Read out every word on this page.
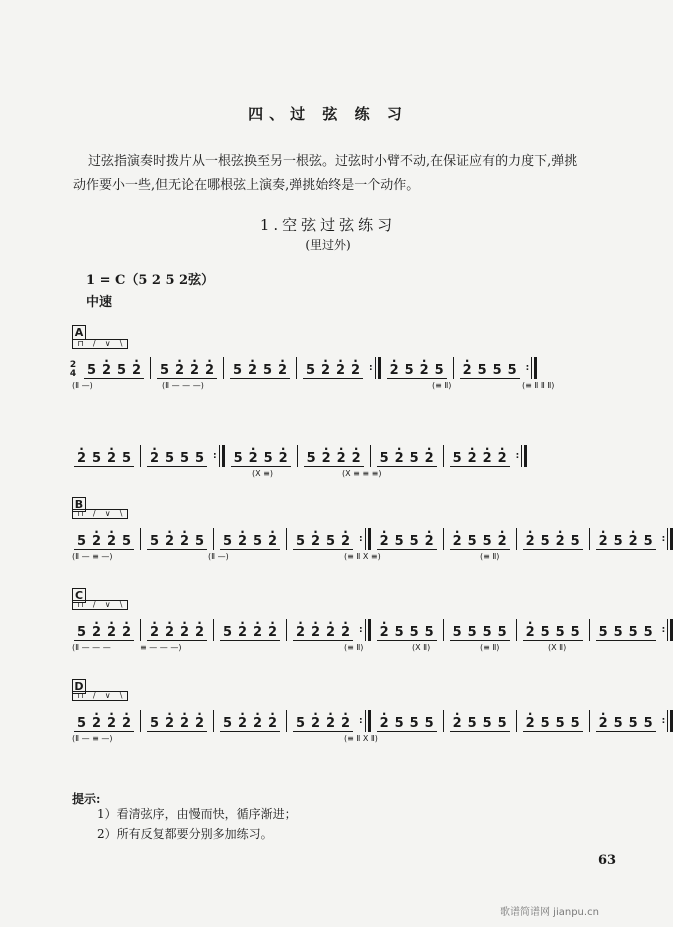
四、过 弦 练 习

过弦指演奏时拨片从一根弦换至另一根弦。过弦时小臂不动,在保证应有的力度下,弹挑

动作要小一些,但无论在哪根弦上演奏,弹挑始终是一个动作。

1.空弦过弦练习
(里过外)
1 = C（5 2 5 2弦）
中速
A
⊓ / ∨ \
2
4 5 · 2 5 · 2 5 · 2 · 2 · 2 5 · 2 5 · 2 5 · 2 · 2 · 2 : · 2 5 · 2 5 · 2 5 5 5 :

(Ⅱ —)	(Ⅱ — — —)	(≡ Ⅱ)	(≡ Ⅱ Ⅱ Ⅱ)
· 2 5 · 2 5 · 2 5 5 5 : 5 · 2 5 · 2 5 · 2 · 2 · 2 5 · 2 5 · 2 5 · 2 · 2 · 2 :

(X ≡)	(X ≡ ≡ ≡)
B
⊓ / ∨ \
5 · 2 · 2 5 5 · 2 · 2 5 5 · 2 5 · 2 5 · 2 5 · 2 : · 2 5 5 · 2 · 2 5 5 · 2 · 2 5 · 2 5 · 2 5 · 2 5 :

(Ⅱ — ≡ —)	(Ⅱ —)	(≡ Ⅱ X ≡)	(≡ Ⅱ)
C
⊓ / ∨ \
5 · 2 · 2 · 2 · 2 · 2 · 2 · 2 5 · 2 · 2 · 2 · 2 · 2 · 2 · 2 : · 2 5 5 5 5 5 5 5 · 2 5 5 5 5 5 5 5 :

(Ⅱ — — —	≡ — — —)	(≡ Ⅱ)	(X Ⅱ)	(≡ Ⅱ)	(X Ⅱ)
D
⊓ / ∨ \
5 · 2 · 2 · 2 5 · 2 · 2 · 2 5 · 2 · 2 · 2 5 · 2 · 2 · 2 : · 2 5 5 5 · 2 5 5 5 · 2 5 5 5 · 2 5 5 5 :

(Ⅱ — ≡ —)	(≡ Ⅱ X Ⅱ)
提示:
1）看清弦序，由慢而快，循序渐进；
2）所有反复都要分别多加练习。
63
歌谱简谱网 jianpu.cn
